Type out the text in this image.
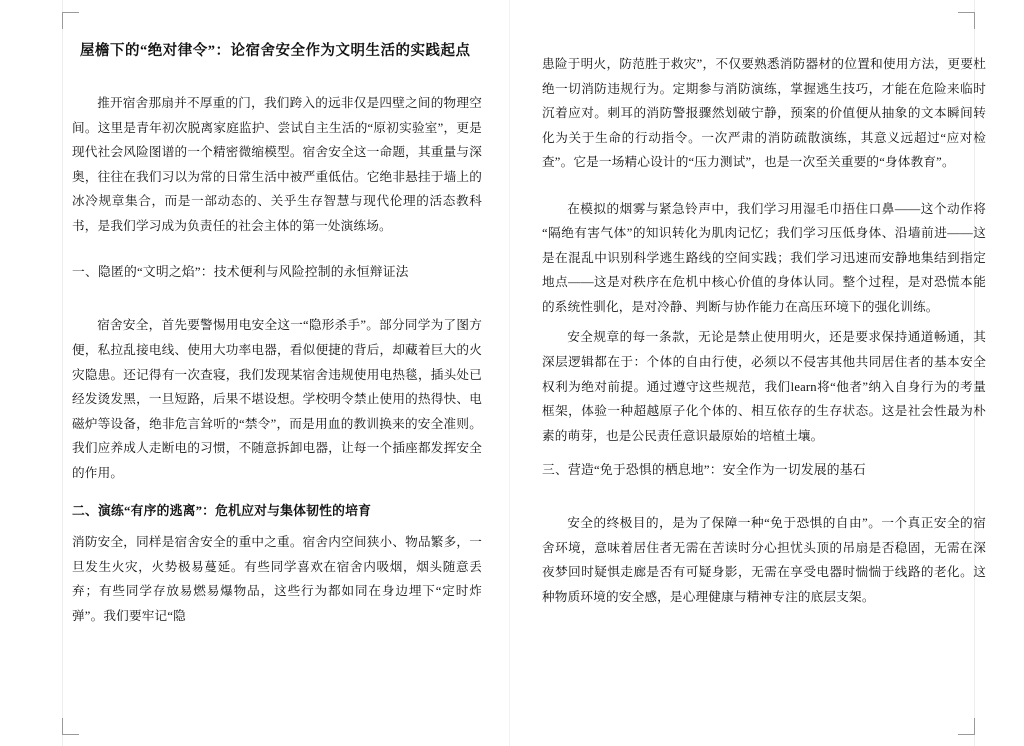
屋檐下的“绝对律令”：论宿舍安全作为文明生活的实践起点

推开宿舍那扇并不厚重的门，我们跨入的远非仅是四壁之间的物理空间。这里是青年初次脱离家庭监护、尝试自主生活的“原初实验室”，更是现代社会风险图谱的一个精密微缩模型。宿舍安全这一命题，其重量与深奥，往往在我们习以为常的日常生活中被严重低估。它绝非悬挂于墙上的冰冷规章集合，而是一部动态的、关乎生存智慧与现代伦理的活态教科书，是我们学习成为负责任的社会主体的第一处演练场。

一、隐匿的“文明之焰”：技术便利与风险控制的永恒辩证法

宿舍安全，首先要警惕用电安全这一“隐形杀手”。部分同学为了图方便，私拉乱接电线、使用大功率电器，看似便捷的背后，却藏着巨大的火灾隐患。还记得有一次查寝，我们发现某宿舍违规使用电热毯，插头处已经发烫发黑，一旦短路，后果不堪设想。学校明令禁止使用的热得快、电磁炉等设备，绝非危言耸听的“禁令”，而是用血的教训换来的安全准则。我们应养成人走断电的习惯，不随意拆卸电器，让每一个插座都发挥安全的作用。

二、演练“有序的逃离”：危机应对与集体韧性的培育

消防安全，同样是宿舍安全的重中之重。宿舍内空间狭小、物品繁多，一旦发生火灾，火势极易蔓延。有些同学喜欢在宿舍内吸烟，烟头随意丢弃；有些同学存放易燃易爆物品，这些行为都如同在身边埋下“定时炸弹”。我们要牢记“隐

患险于明火，防范胜于救灾”，不仅要熟悉消防器材的位置和使用方法，更要杜绝一切消防违规行为。定期参与消防演练，掌握逃生技巧，才能在危险来临时沉着应对。刺耳的消防警报骤然划破宁静，预案的价值便从抽象的文本瞬间转化为关于生命的行动指令。一次严肃的消防疏散演练，其意义远超过“应对检查”。它是一场精心设计的“压力测试”，也是一次至关重要的“身体教育”。

在模拟的烟雾与紧急铃声中，我们学习用湿毛巾捂住口鼻——这个动作将“隔绝有害气体”的知识转化为肌肉记忆；我们学习压低身体、沿墙前进——这是在混乱中识别科学逃生路线的空间实践；我们学习迅速而安静地集结到指定地点——这是对秩序在危机中核心价值的身体认同。整个过程，是对恐慌本能的系统性驯化，是对冷静、判断与协作能力在高压环境下的强化训练。

安全规章的每一条款，无论是禁止使用明火，还是要求保持通道畅通，其深层逻辑都在于：个体的自由行使，必须以不侵害其他共同居住者的基本安全权利为绝对前提。通过遵守这些规范，我们learn将“他者”纳入自身行为的考量框架，体验一种超越原子化个体的、相互依存的生存状态。这是社会性最为朴素的萌芽，也是公民责任意识最原始的培植土壤。

三、营造“免于恐惧的栖息地”：安全作为一切发展的基石

安全的终极目的，是为了保障一种“免于恐惧的自由”。一个真正安全的宿舍环境，意味着居住者无需在苦读时分心担忧头顶的吊扇是否稳固，无需在深夜梦回时疑惧走廊是否有可疑身影，无需在享受电器时惴惴于线路的老化。这种物质环境的安全感，是心理健康与精神专注的底层支架。
